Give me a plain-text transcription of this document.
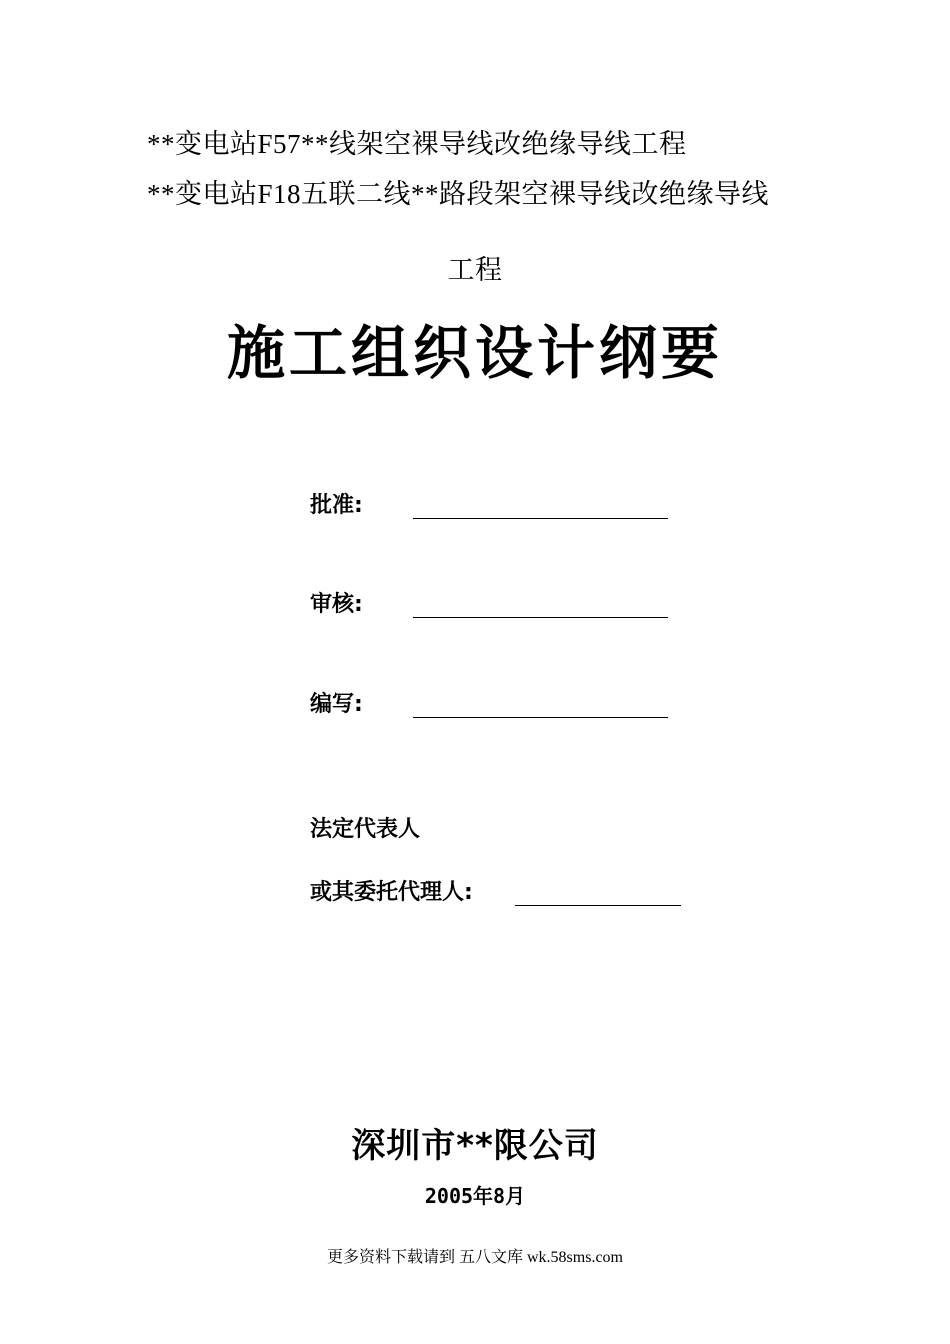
**变电站F57**线架空裸导线改绝缘导线工程
**变电站F18五联二线**路段架空裸导线改绝缘导线
工程
施工组织设计纲要
批准:
审核:
编写:
法定代表人
或其委托代理人:
深圳市**限公司
2005年8月
更多资料下载请到 五八文库 wk.58sms.com
